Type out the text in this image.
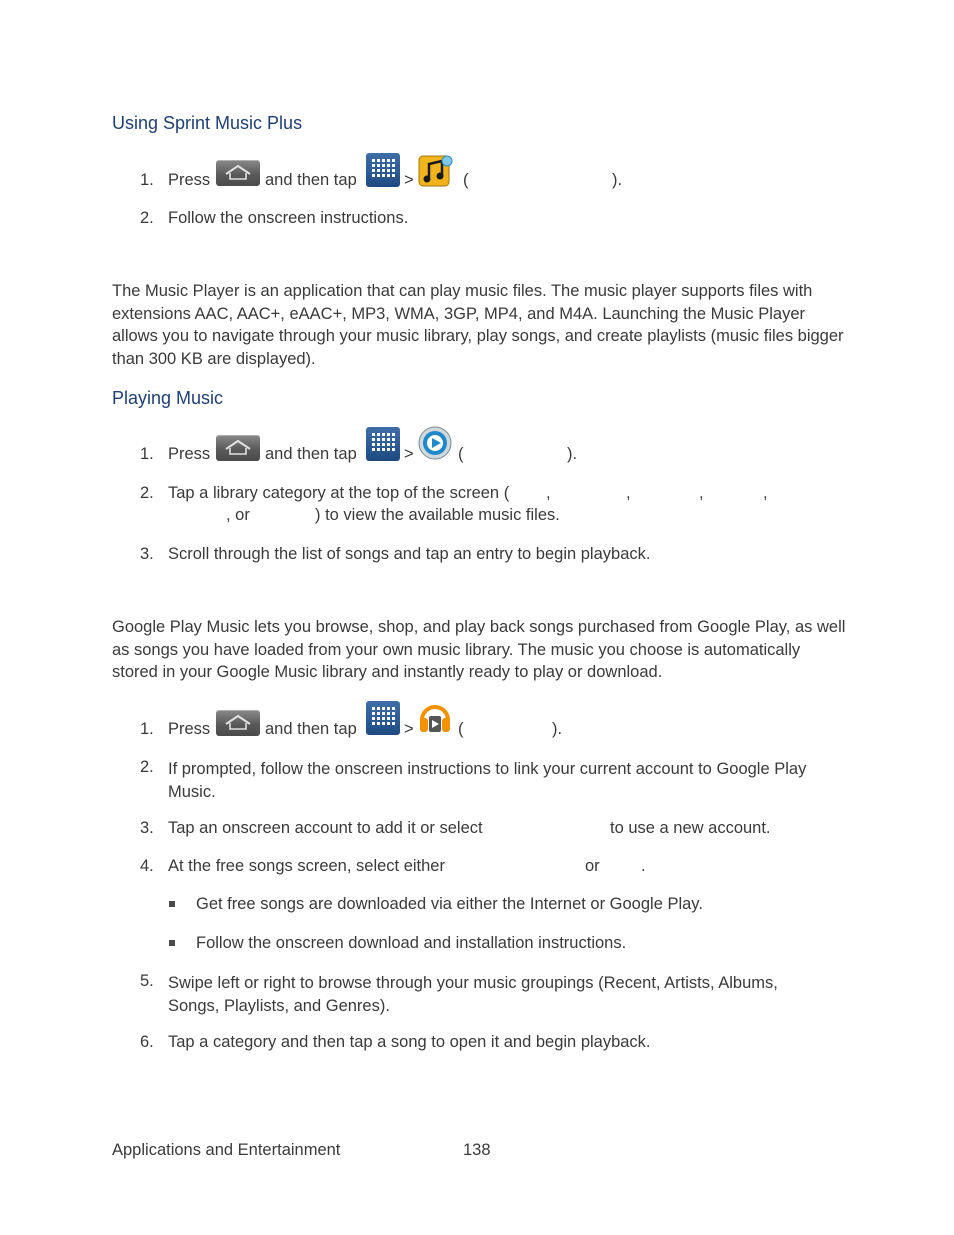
Using Sprint Music Plus
1. Press	and then tap	>	(	).
2. Follow the onscreen instructions.
The Music Player is an application that can play music files. The music player supports files with extensions AAC, AAC+, eAAC+, MP3, WMA, 3GP, MP4, and M4A. Launching the Music Player allows you to navigate through your music library, play songs, and create playlists (music files bigger than 300 KB are displayed).
Playing Music
1. Press	and then tap	>	(	).
2. Tap a library category at the top of the screen ( ,	,	,	,
, or	) to view the available music files.
3. Scroll through the list of songs and tap an entry to begin playback.
Google Play Music lets you browse, shop, and play back songs purchased from Google Play, as well as songs you have loaded from your own music library. The music you choose is automatically stored in your Google Music library and instantly ready to play or download.
1. Press	and then tap	>	(	).
2. If prompted, follow the onscreen instructions to link your current account to Google Play Music.
3. Tap an onscreen account to add it or select	to use a new account.
4. At the free songs screen, select either	or	.
Get free songs are downloaded via either the Internet or Google Play.
Follow the onscreen download and installation instructions.
5. Swipe left or right to browse through your music groupings (Recent, Artists, Albums, Songs, Playlists, and Genres).
6. Tap a category and then tap a song to open it and begin playback.
Applications and Entertainment	138
